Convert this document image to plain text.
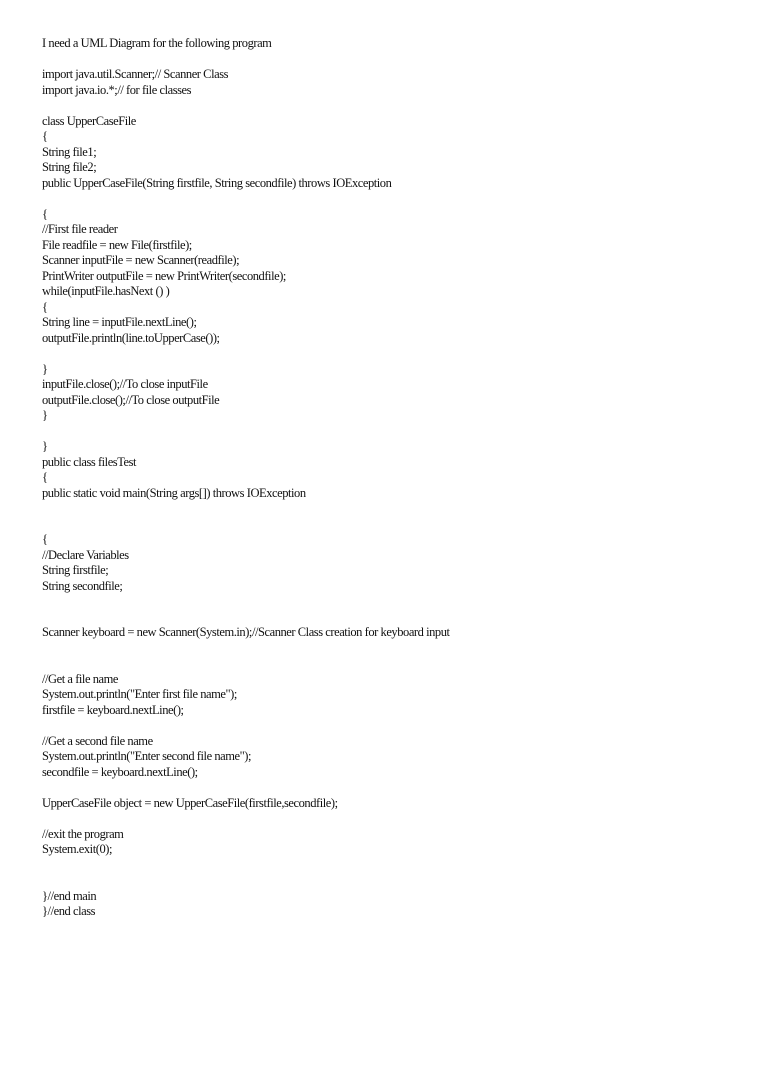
I need a UML Diagram for the following program
import java.util.Scanner;// Scanner Class
import java.io.*;// for file classes
class UpperCaseFile
{
String file1;
String file2;
public UpperCaseFile(String firstfile, String secondfile) throws IOException
{
//First file reader
File readfile = new File(firstfile);
Scanner inputFile = new Scanner(readfile);
PrintWriter outputFile = new PrintWriter(secondfile);
while(inputFile.hasNext () )
{
String line = inputFile.nextLine();
outputFile.println(line.toUpperCase());
}
inputFile.close();//To close inputFile
outputFile.close();//To close outputFile
}
}
public class filesTest
{
public static void main(String args[]) throws IOException
{
//Declare Variables
String firstfile;
String secondfile;
Scanner keyboard = new Scanner(System.in);//Scanner Class creation for keyboard input
//Get a file name
System.out.println("Enter first file name");
firstfile = keyboard.nextLine();
//Get a second file name
System.out.println("Enter second file name");
secondfile = keyboard.nextLine();
UpperCaseFile object = new UpperCaseFile(firstfile,secondfile);
//exit the program
System.exit(0);
}//end main
}//end class
